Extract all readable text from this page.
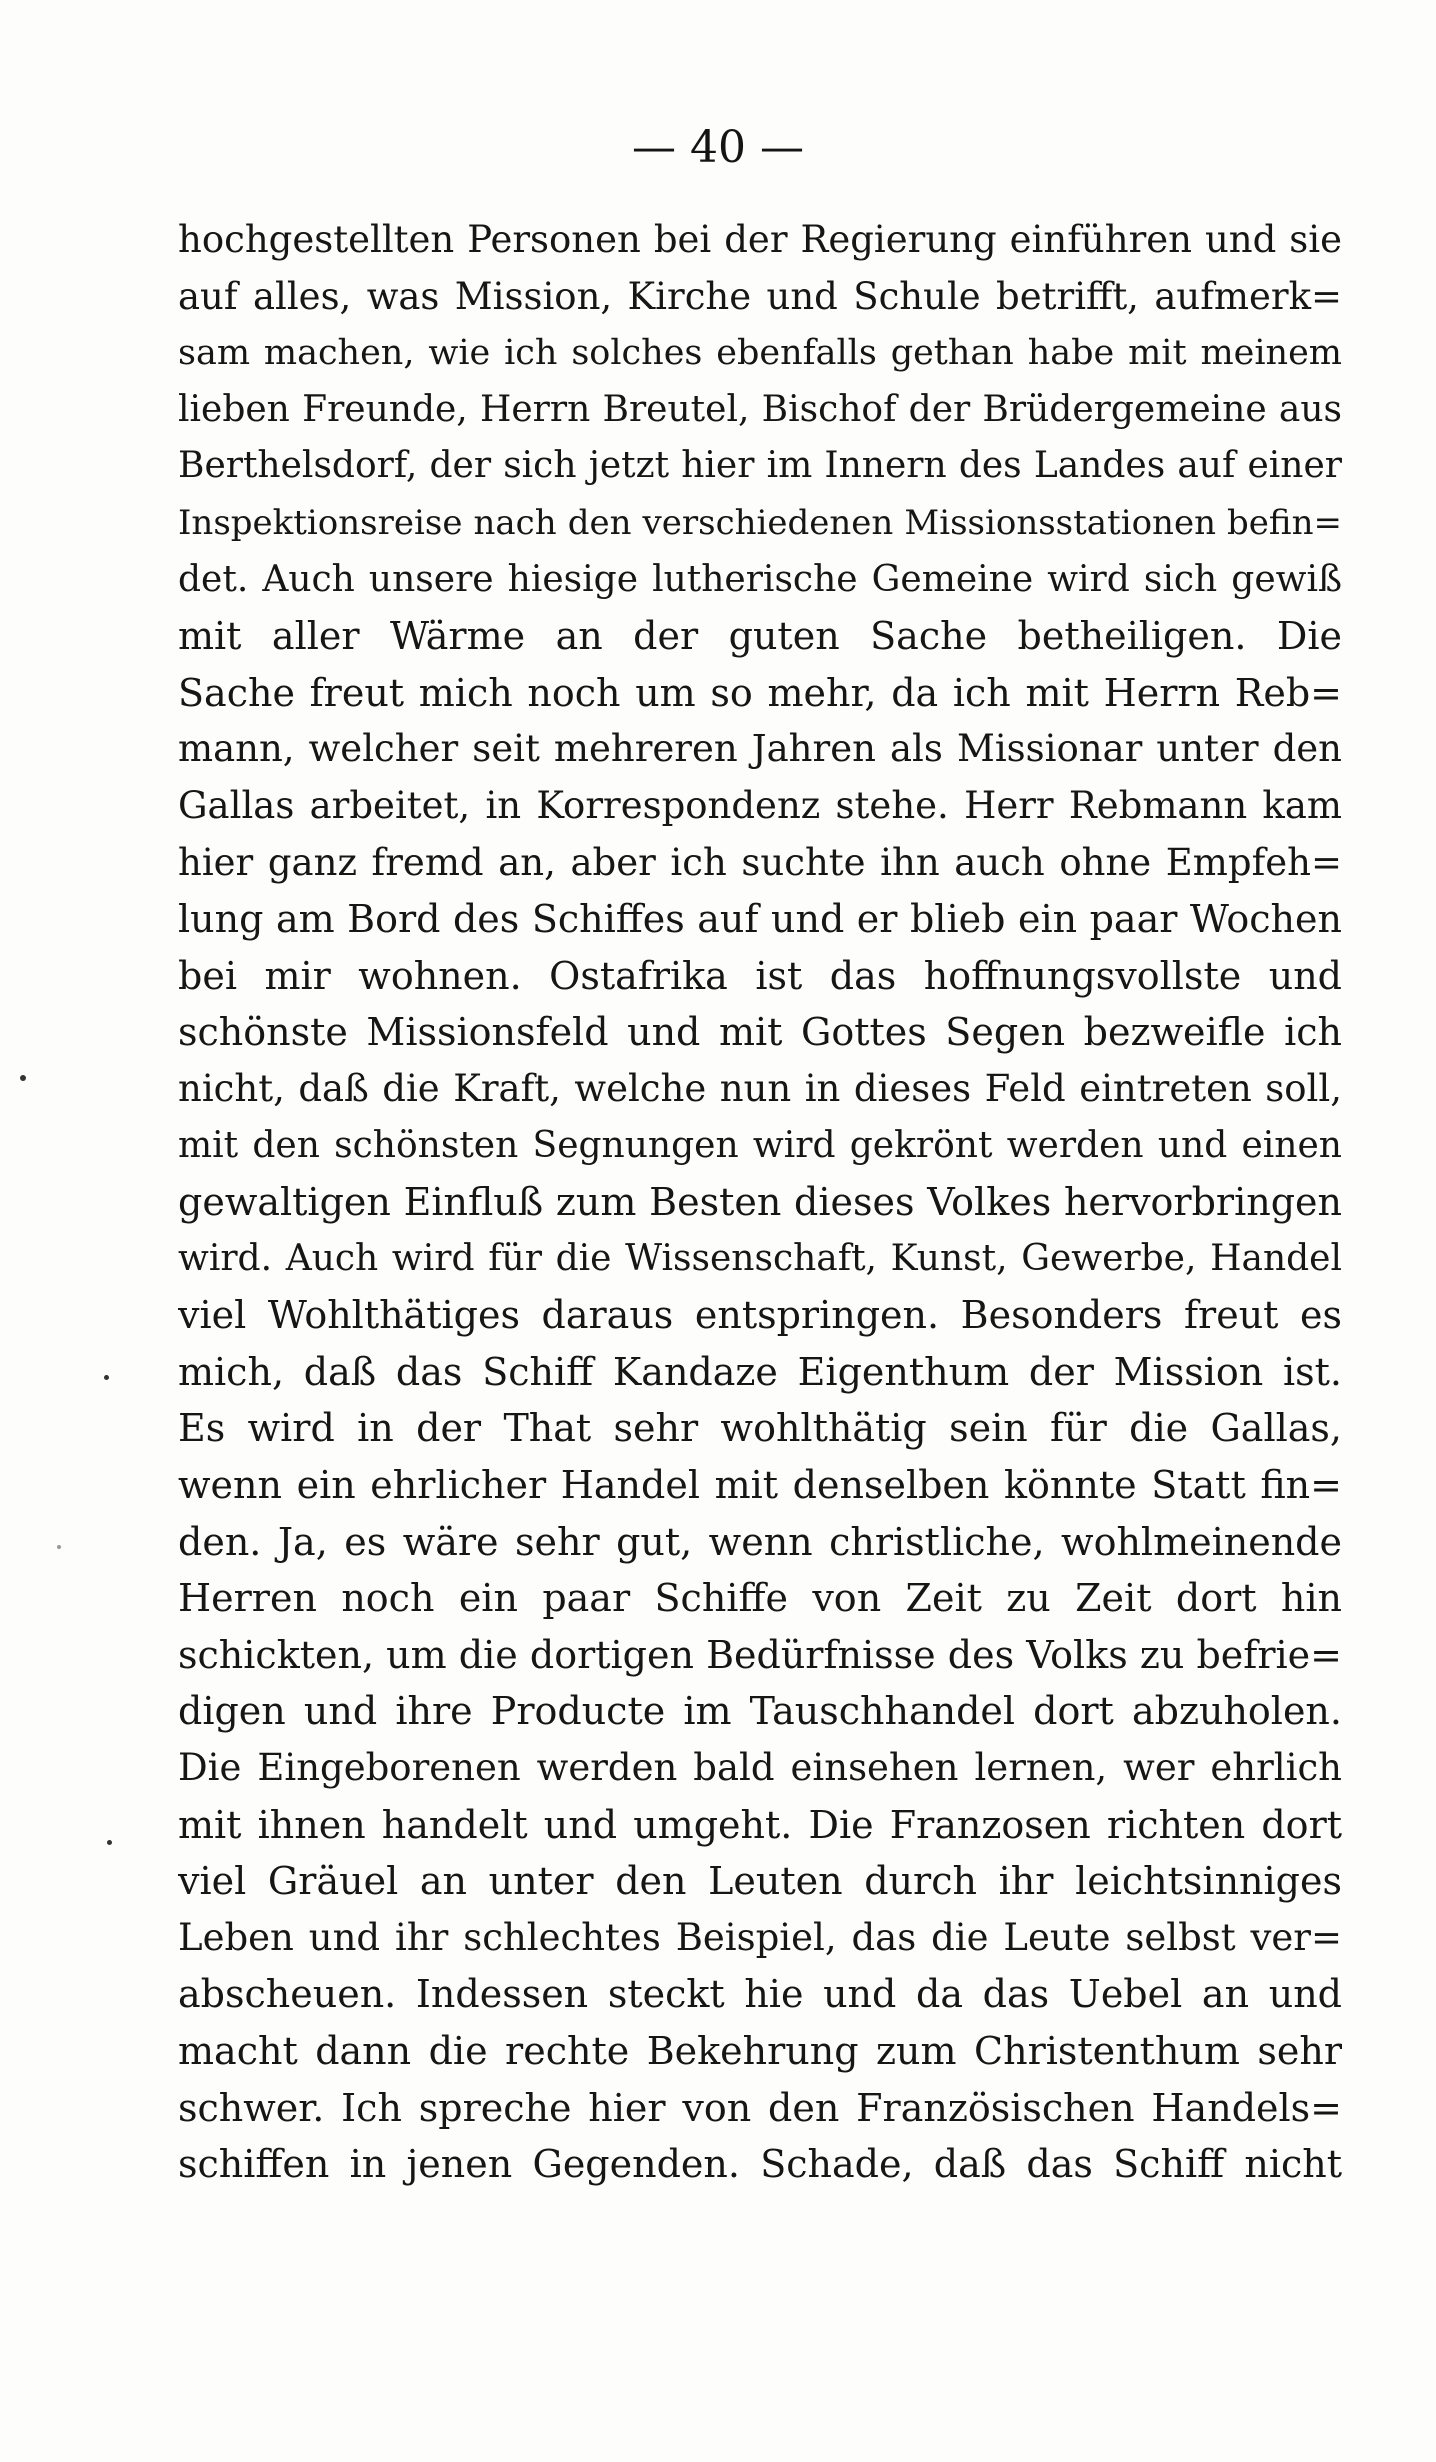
— 40 —
hochgestellten Personen bei der Regierung einführen und sie
auf alles, was Mission, Kirche und Schule betrifft, aufmerk=
sam machen, wie ich solches ebenfalls gethan habe mit meinem
lieben Freunde, Herrn Breutel, Bischof der Brüdergemeine aus
Berthelsdorf, der sich jetzt hier im Innern des Landes auf einer
Inspektionsreise nach den verschiedenen Missionsstationen befin=
det. Auch unsere hiesige lutherische Gemeine wird sich gewiß
mit aller Wärme an der guten Sache betheiligen. Die
Sache freut mich noch um so mehr, da ich mit Herrn Reb=
mann, welcher seit mehreren Jahren als Missionar unter den
Gallas arbeitet, in Korrespondenz stehe. Herr Rebmann kam
hier ganz fremd an, aber ich suchte ihn auch ohne Empfeh=
lung am Bord des Schiffes auf und er blieb ein paar Wochen
bei mir wohnen. Ostafrika ist das hoffnungsvollste und
schönste Missionsfeld und mit Gottes Segen bezweifle ich
nicht, daß die Kraft, welche nun in dieses Feld eintreten soll,
mit den schönsten Segnungen wird gekrönt werden und einen
gewaltigen Einfluß zum Besten dieses Volkes hervorbringen
wird. Auch wird für die Wissenschaft, Kunst, Gewerbe, Handel
viel Wohlthätiges daraus entspringen. Besonders freut es
mich, daß das Schiff Kandaze Eigenthum der Mission ist.
Es wird in der That sehr wohlthätig sein für die Gallas,
wenn ein ehrlicher Handel mit denselben könnte Statt fin=
den. Ja, es wäre sehr gut, wenn christliche, wohlmeinende
Herren noch ein paar Schiffe von Zeit zu Zeit dort hin
schickten, um die dortigen Bedürfnisse des Volks zu befrie=
digen und ihre Producte im Tauschhandel dort abzuholen.
Die Eingeborenen werden bald einsehen lernen, wer ehrlich
mit ihnen handelt und umgeht. Die Franzosen richten dort
viel Gräuel an unter den Leuten durch ihr leichtsinniges
Leben und ihr schlechtes Beispiel, das die Leute selbst ver=
abscheuen. Indessen steckt hie und da das Uebel an und
macht dann die rechte Bekehrung zum Christenthum sehr
schwer. Ich spreche hier von den Französischen Handels=
schiffen in jenen Gegenden. Schade, daß das Schiff nicht
